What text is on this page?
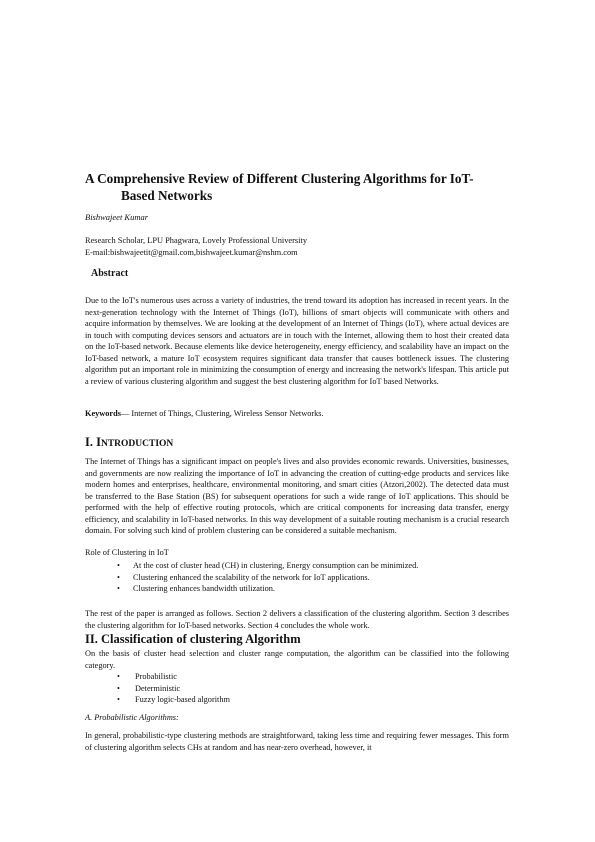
A Comprehensive Review of Different Clustering Algorithms for IoT-
Based Networks
Bishwajeet Kumar
Research Scholar, LPU Phagwara, Lovely Professional University
E-mail:bishwajeetit@gmail.com,bishwajeet.kumar@nshm.com
Abstract
Due to the IoT's numerous uses across a variety of industries, the trend toward its adoption has increased in recent years. In the next-generation technology with the Internet of Things (IoT), billions of smart objects will communicate with others and acquire information by themselves. We are looking at the development of an Internet of Things (IoT), where actual devices are in touch with computing devices sensors and actuators are in touch with the Internet, allowing them to host their created data on the IoT-based network. Because elements like device heterogeneity, energy efficiency, and scalability have an impact on the IoT-based network, a mature IoT ecosystem requires significant data transfer that causes bottleneck issues. The clustering algorithm put an important role in minimizing the consumption of energy and increasing the network's lifespan. This article put a review of various clustering algorithm and suggest the best clustering algorithm for IoT based Networks.
Keywords— Internet of Things, Clustering, Wireless Sensor Networks.
I. INTRODUCTION
The Internet of Things has a significant impact on people's lives and also provides economic rewards. Universities, businesses, and governments are now realizing the importance of IoT in advancing the creation of cutting-edge products and services like modern homes and enterprises, healthcare, environmental monitoring, and smart cities (Atzori,2002). The detected data must be transferred to the Base Station (BS) for subsequent operations for such a wide range of IoT applications. This should be performed with the help of effective routing protocols, which are critical components for increasing data transfer, energy efficiency, and scalability in IoT-based networks. In this way development of a suitable routing mechanism is a crucial research domain. For solving such kind of problem clustering can be considered a suitable mechanism.
Role of Clustering in IoT
• At the cost of cluster head (CH) in clustering, Energy consumption can be minimized.
• Clustering enhanced the scalability of the network for IoT applications.
• Clustering enhances bandwidth utilization.
The rest of the paper is arranged as follows. Section 2 delivers a classification of the clustering algorithm. Section 3 describes the clustering algorithm for IoT-based networks. Section 4 concludes the whole work.
II. Classification of clustering Algorithm
On the basis of cluster head selection and cluster range computation, the algorithm can be classified into the following category.
• Probabilistic
• Deterministic
• Fuzzy logic-based algorithm
A. Probabilistic Algorithms:
In general, probabilistic-type clustering methods are straightforward, taking less time and requiring fewer messages. This form of clustering algorithm selects CHs at random and has near-zero overhead, however, it
